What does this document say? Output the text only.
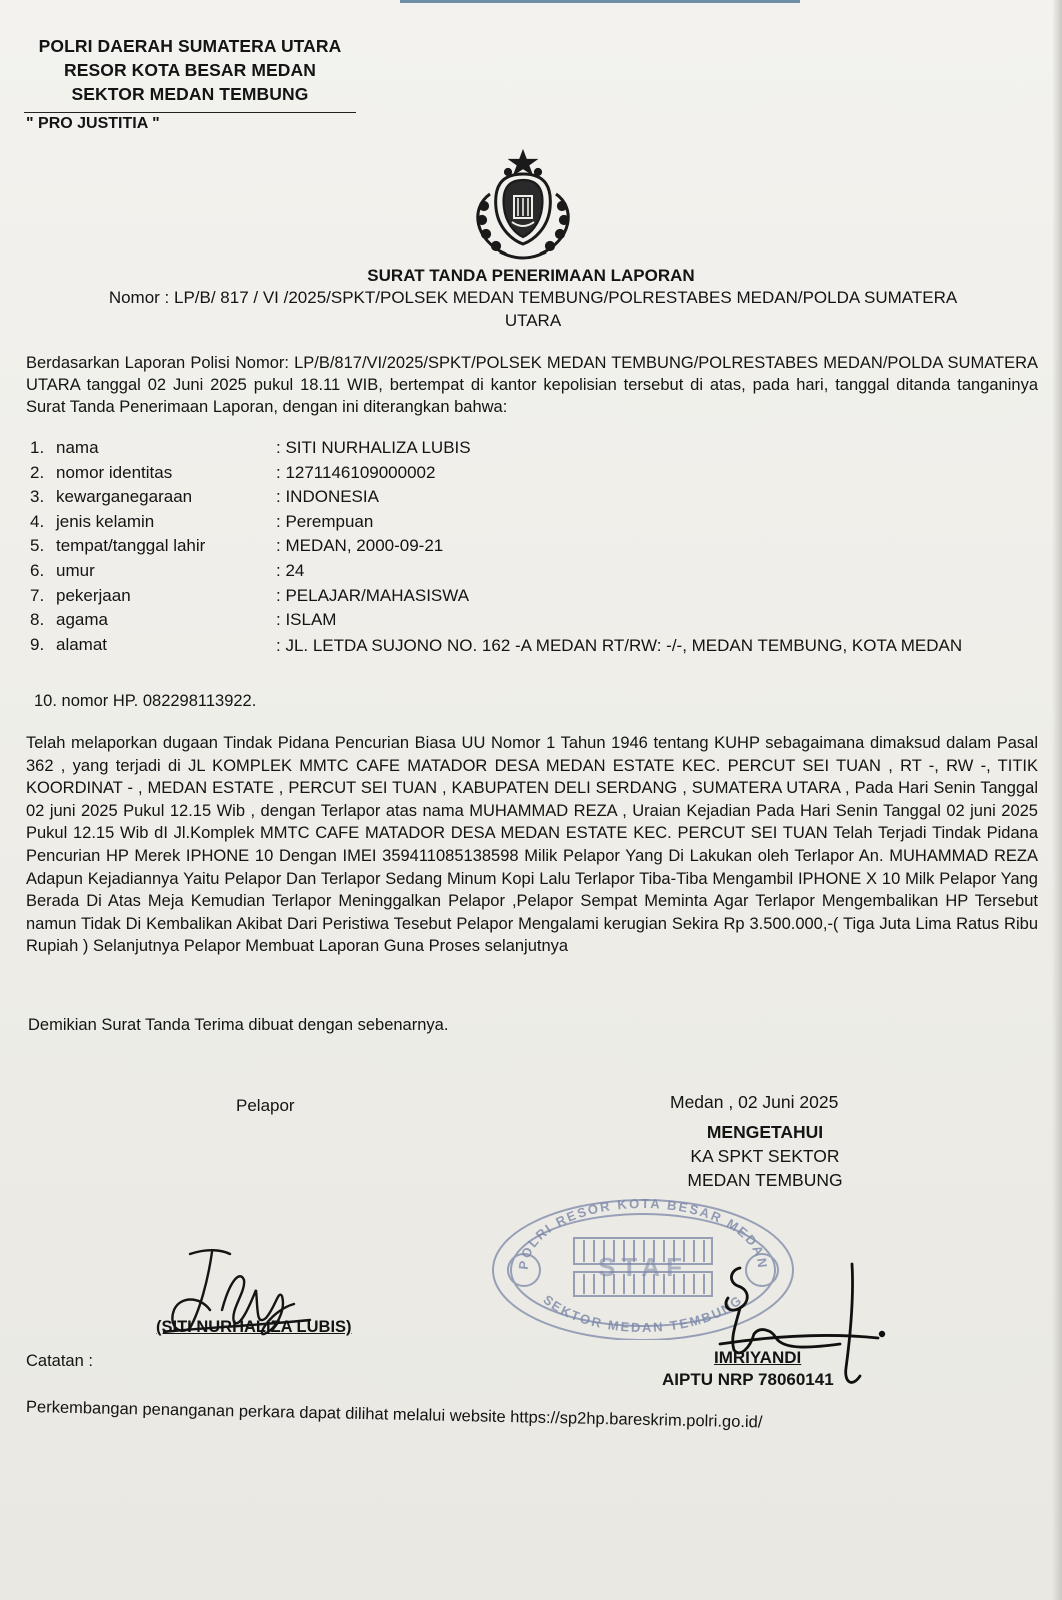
POLRI DAERAH SUMATERA UTARA
RESOR KOTA BESAR MEDAN
SEKTOR MEDAN TEMBUNG
" PRO JUSTITIA "
SURAT TANDA PENERIMAAN LAPORAN
Nomor : LP/B/ 817 / VI /2025/SPKT/POLSEK MEDAN TEMBUNG/POLRESTABES MEDAN/POLDA SUMATERA
UTARA
Berdasarkan Laporan Polisi Nomor: LP/B/817/VI/2025/SPKT/POLSEK MEDAN TEMBUNG/POLRESTABES MEDAN/POLDA SUMATERA UTARA tanggal 02 Juni 2025 pukul 18.11 WIB, bertempat di kantor kepolisian tersebut di atas, pada hari, tanggal ditanda tanganinya Surat Tanda Penerimaan Laporan, dengan ini diterangkan bahwa:
1. nama	: SITI NURHALIZA LUBIS
2. nomor identitas	: 1271146109000002
3. kewarganegaraan	: INDONESIA
4. jenis kelamin	: Perempuan
5. tempat/tanggal lahir	: MEDAN, 2000-09-21
6. umur	: 24
7. pekerjaan	: PELAJAR/MAHASISWA
8. agama	: ISLAM
9. alamat	: JL. LETDA SUJONO NO. 162 -A MEDAN RT/RW: -/-, MEDAN TEMBUNG, KOTA MEDAN
10. nomor HP. 082298113922.
Telah melaporkan dugaan Tindak Pidana Pencurian Biasa UU Nomor 1 Tahun 1946 tentang KUHP sebagaimana dimaksud dalam Pasal 362 , yang terjadi di JL KOMPLEK MMTC CAFE MATADOR DESA MEDAN ESTATE KEC. PERCUT SEI TUAN , RT -, RW -, TITIK KOORDINAT - , MEDAN ESTATE , PERCUT SEI TUAN , KABUPATEN DELI SERDANG , SUMATERA UTARA , Pada Hari Senin Tanggal 02 juni 2025 Pukul 12.15 Wib , dengan Terlapor atas nama MUHAMMAD REZA , Uraian Kejadian Pada Hari Senin Tanggal 02 juni 2025 Pukul 12.15 Wib dI Jl.Komplek MMTC CAFE MATADOR DESA MEDAN ESTATE KEC. PERCUT SEI TUAN Telah Terjadi Tindak Pidana Pencurian HP Merek IPHONE 10 Dengan IMEI 359411085138598 Milik Pelapor Yang Di Lakukan oleh Terlapor An. MUHAMMAD REZA Adapun Kejadiannya Yaitu Pelapor Dan Terlapor Sedang Minum Kopi Lalu Terlapor Tiba-Tiba Mengambil IPHONE X 10 Milk Pelapor Yang Berada Di Atas Meja Kemudian Terlapor Meninggalkan Pelapor ,Pelapor Sempat Meminta Agar Terlapor Mengembalikan HP Tersebut namun Tidak Di Kembalikan Akibat Dari Peristiwa Tesebut Pelapor Mengalami kerugian Sekira Rp 3.500.000,-( Tiga Juta Lima Ratus Ribu Rupiah ) Selanjutnya Pelapor Membuat Laporan Guna Proses selanjutnya
Demikian Surat Tanda Terima dibuat dengan sebenarnya.
Pelapor	Medan , 02 Juni 2025
MENGETAHUI
KA SPKT SEKTOR
MEDAN TEMBUNG
POLRI RESOR KOTA BESAR MEDAN
STAF
SEKTOR MEDAN TEMBUNG
(SITI NURHALIZA LUBIS)
IMRIYANDI
AIPTU NRP 78060141
Catatan :
Perkembangan penanganan perkara dapat dilihat melalui website https://sp2hp.bareskrim.polri.go.id/
